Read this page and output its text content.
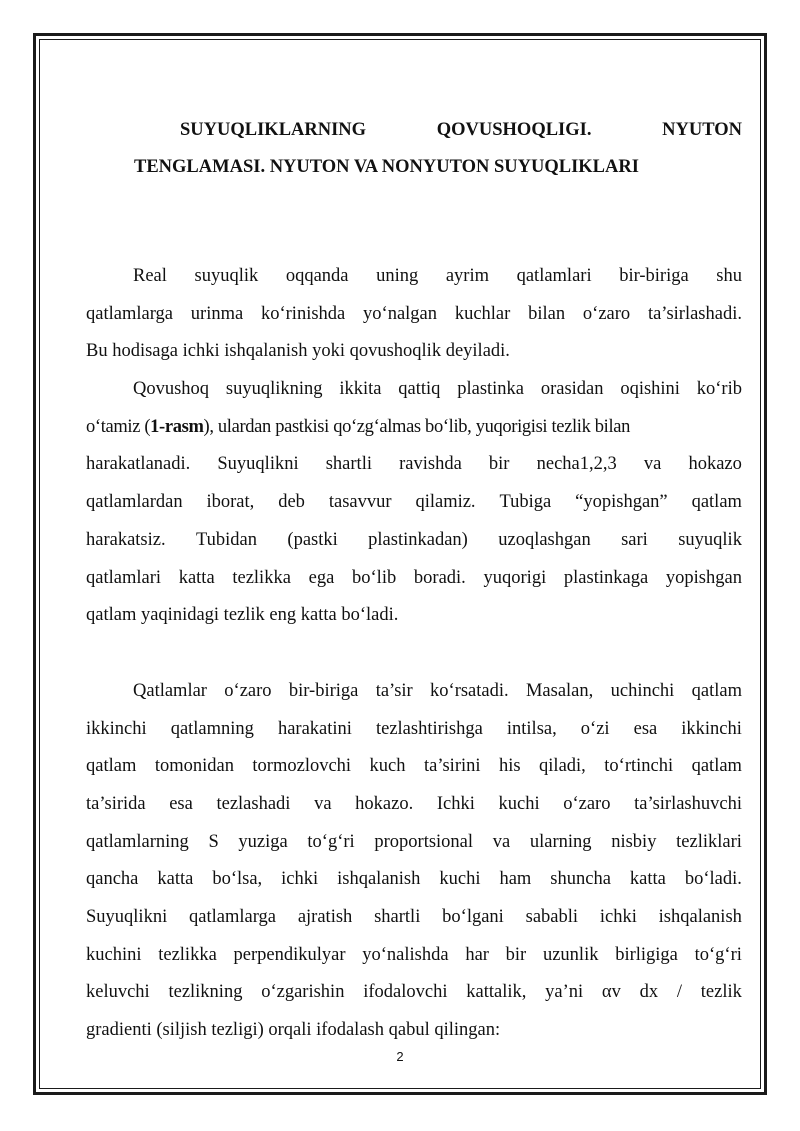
SUYUQLIKLARNING	QOVUSHOQLIGI.	NYUTON
TENGLAMASI. NYUTON VA NONYUTON SUYUQLIKLARI
Real suyuqlik oqqanda uning ayrim qatlamlari bir-biriga shu
qatlamlarga urinma ko‘rinishda yo‘nalgan kuchlar bilan o‘zaro ta’sirlashadi.
Bu hodisaga ichki ishqalanish yoki qovushoqlik deyiladi.
Qovushoq suyuqlikning ikkita qattiq plastinka orasidan oqishini ko‘rib
o‘tamiz (1-rasm), ulardan pastkisi qo‘zg‘almas bo‘lib, yuqorigisi tezlik bilan
harakatlanadi. Suyuqlikni shartli ravishda bir necha1,2,3 va hokazo
qatlamlardan iborat, deb tasavvur qilamiz. Tubiga “yopishgan” qatlam
harakatsiz. Tubidan (pastki plastinkadan) uzoqlashgan sari suyuqlik
qatlamlari katta tezlikka ega bo‘lib boradi. yuqorigi plastinkaga yopishgan
qatlam yaqinidagi tezlik eng katta bo‘ladi.
Qatlamlar o‘zaro bir-biriga ta’sir ko‘rsatadi. Masalan, uchinchi qatlam
ikkinchi qatlamning harakatini tezlashtirishga intilsa, o‘zi esa ikkinchi
qatlam tomonidan tormozlovchi kuch ta’sirini his qiladi, to‘rtinchi qatlam
ta’sirida esa tezlashadi va hokazo. Ichki kuchi o‘zaro ta’sirlashuvchi
qatlamlarning S yuziga to‘g‘ri proportsional va ularning nisbiy tezliklari
qancha katta bo‘lsa, ichki ishqalanish kuchi ham shuncha katta bo‘ladi.
Suyuqlikni qatlamlarga ajratish shartli bo‘lgani sababli ichki ishqalanish
kuchini tezlikka perpendikulyar yo‘nalishda har bir uzunlik birligiga to‘g‘ri
keluvchi tezlikning o‘zgarishin ifodalovchi kattalik, ya’ni αv dx / tezlik
gradienti (siljish tezligi) orqali ifodalash qabul qilingan:
2
